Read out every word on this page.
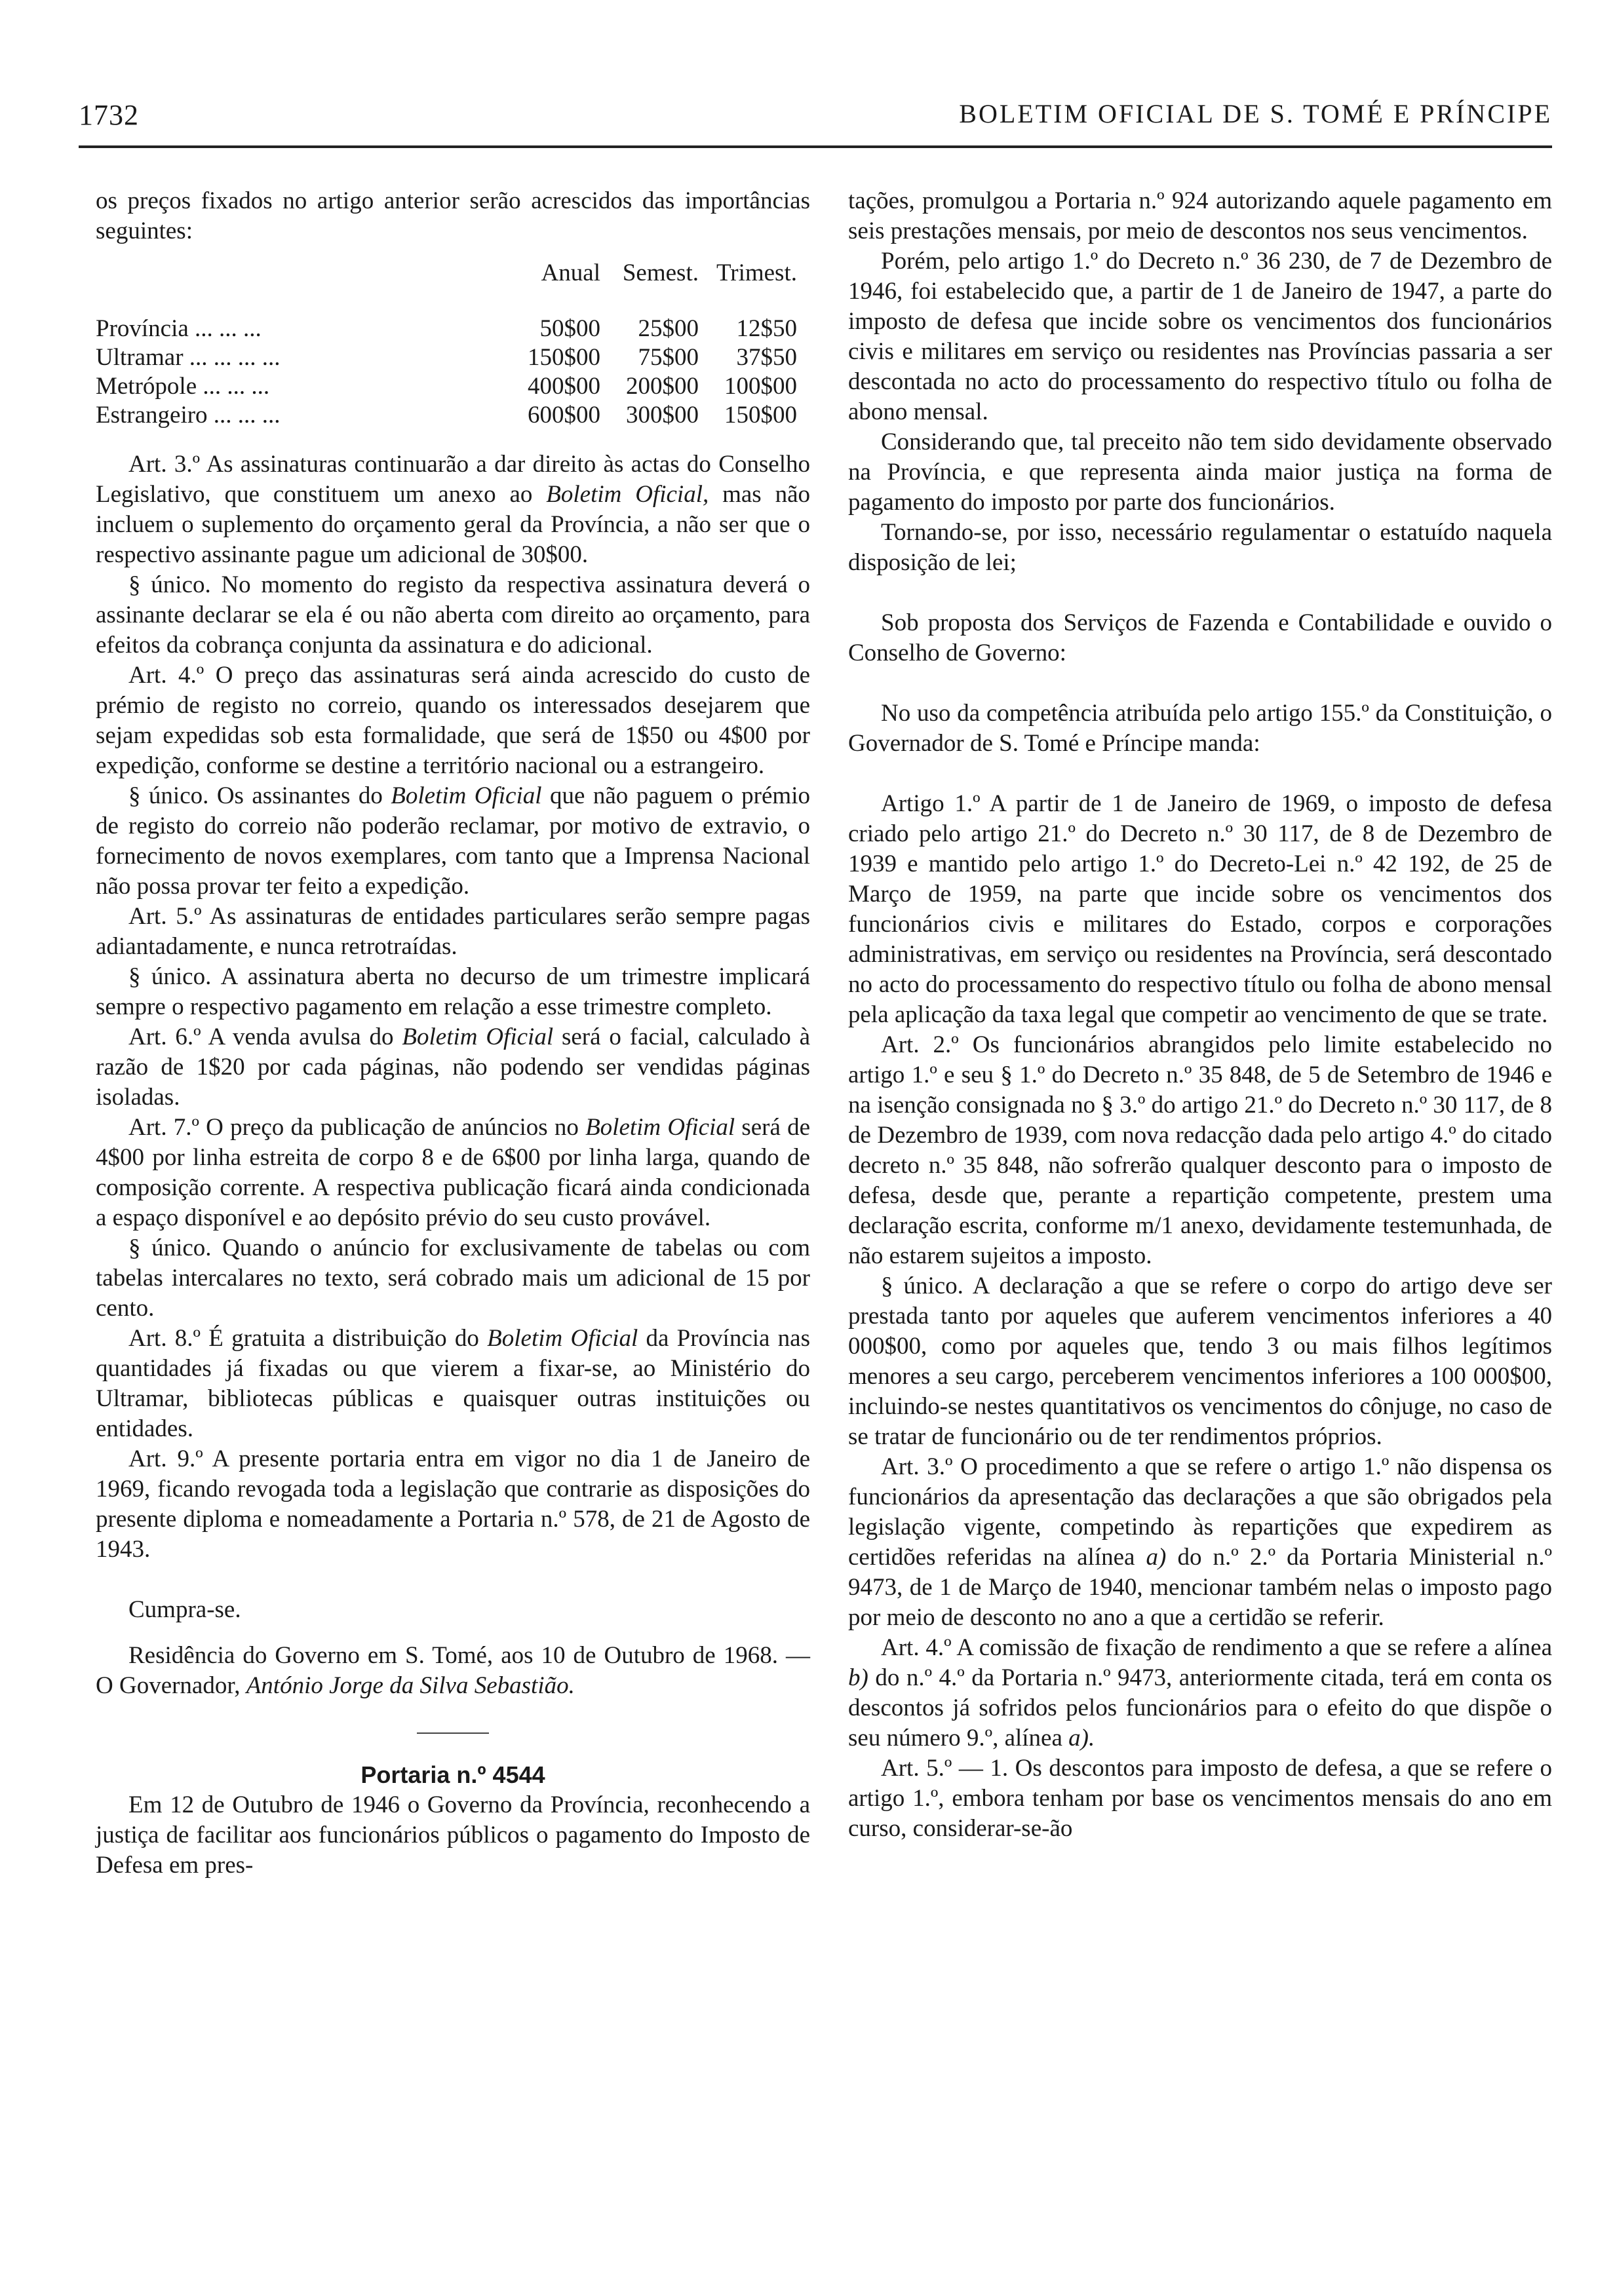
1732	BOLETIM OFICIAL DE S. TOMÉ E PRÍNCIPE

os preços fixados no artigo anterior serão acrescidos das importâncias seguintes:

	Anual	Semest.	Trimest.
Província ... ... ...	50$00	25$00	12$50
Ultramar ... ... ... ...	150$00	75$00	37$50
Metrópole ... ... ...	400$00	200$00	100$00
Estrangeiro ... ... ...	600$00	300$00	150$00

Art. 3.º As assinaturas continuarão a dar direito às actas do Conselho Legislativo, que constituem um anexo ao Boletim Oficial, mas não incluem o suplemento do orçamento geral da Província, a não ser que o respectivo assinante pague um adicional de 30$00.

§ único. No momento do registo da respectiva assinatura deverá o assinante declarar se ela é ou não aberta com direito ao orçamento, para efeitos da cobrança conjunta da assinatura e do adicional.

Art. 4.º O preço das assinaturas será ainda acrescido do custo de prémio de registo no correio, quando os interessados desejarem que sejam expedidas sob esta formalidade, que será de 1$50 ou 4$00 por expedição, conforme se destine a território nacional ou a estrangeiro.

§ único. Os assinantes do Boletim Oficial que não paguem o prémio de registo do correio não poderão reclamar, por motivo de extravio, o fornecimento de novos exemplares, com tanto que a Imprensa Nacional não possa provar ter feito a expedição.

Art. 5.º As assinaturas de entidades particulares serão sempre pagas adiantadamente, e nunca retrotraídas.

§ único. A assinatura aberta no decurso de um trimestre implicará sempre o respectivo pagamento em relação a esse trimestre completo.

Art. 6.º A venda avulsa do Boletim Oficial será o facial, calculado à razão de 1$20 por cada páginas, não podendo ser vendidas páginas isoladas.

Art. 7.º O preço da publicação de anúncios no Boletim Oficial será de 4$00 por linha estreita de corpo 8 e de 6$00 por linha larga, quando de composição corrente. A respectiva publicação ficará ainda condicionada a espaço disponível e ao depósito prévio do seu custo provável.

§ único. Quando o anúncio for exclusivamente de tabelas ou com tabelas intercalares no texto, será cobrado mais um adicional de 15 por cento.

Art. 8.º É gratuita a distribuição do Boletim Oficial da Província nas quantidades já fixadas ou que vierem a fixar-se, ao Ministério do Ultramar, bibliotecas públicas e quaisquer outras instituições ou entidades.

Art. 9.º A presente portaria entra em vigor no dia 1 de Janeiro de 1969, ficando revogada toda a legislação que contrarie as disposições do presente diploma e nomeadamente a Portaria n.º 578, de 21 de Agosto de 1943.

Cumpra-se.

Residência do Governo em S. Tomé, aos 10 de Outubro de 1968. — O Governador, António Jorge da Silva Sebastião.

Portaria n.º 4544

Em 12 de Outubro de 1946 o Governo da Província, reconhecendo a justiça de facilitar aos funcionários públicos o pagamento do Imposto de Defesa em pres-

tações, promulgou a Portaria n.º 924 autorizando aquele pagamento em seis prestações mensais, por meio de descontos nos seus vencimentos.

Porém, pelo artigo 1.º do Decreto n.º 36 230, de 7 de Dezembro de 1946, foi estabelecido que, a partir de 1 de Janeiro de 1947, a parte do imposto de defesa que incide sobre os vencimentos dos funcionários civis e militares em serviço ou residentes nas Províncias passaria a ser descontada no acto do processamento do respectivo título ou folha de abono mensal.

Considerando que, tal preceito não tem sido devidamente observado na Província, e que representa ainda maior justiça na forma de pagamento do imposto por parte dos funcionários.

Tornando-se, por isso, necessário regulamentar o estatuído naquela disposição de lei;

Sob proposta dos Serviços de Fazenda e Contabilidade e ouvido o Conselho de Governo:

No uso da competência atribuída pelo artigo 155.º da Constituição, o Governador de S. Tomé e Príncipe manda:

Artigo 1.º A partir de 1 de Janeiro de 1969, o imposto de defesa criado pelo artigo 21.º do Decreto n.º 30 117, de 8 de Dezembro de 1939 e mantido pelo artigo 1.º do Decreto-Lei n.º 42 192, de 25 de Março de 1959, na parte que incide sobre os vencimentos dos funcionários civis e militares do Estado, corpos e corporações administrativas, em serviço ou residentes na Província, será descontado no acto do processamento do respectivo título ou folha de abono mensal pela aplicação da taxa legal que competir ao vencimento de que se trate.

Art. 2.º Os funcionários abrangidos pelo limite estabelecido no artigo 1.º e seu § 1.º do Decreto n.º 35 848, de 5 de Setembro de 1946 e na isenção consignada no § 3.º do artigo 21.º do Decreto n.º 30 117, de 8 de Dezembro de 1939, com nova redacção dada pelo artigo 4.º do citado decreto n.º 35 848, não sofrerão qualquer desconto para o imposto de defesa, desde que, perante a repartição competente, prestem uma declaração escrita, conforme m/1 anexo, devidamente testemunhada, de não estarem sujeitos a imposto.

§ único. A declaração a que se refere o corpo do artigo deve ser prestada tanto por aqueles que auferem vencimentos inferiores a 40 000$00, como por aqueles que, tendo 3 ou mais filhos legítimos menores a seu cargo, perceberem vencimentos inferiores a 100 000$00, incluindo-se nestes quantitativos os vencimentos do cônjuge, no caso de se tratar de funcionário ou de ter rendimentos próprios.

Art. 3.º O procedimento a que se refere o artigo 1.º não dispensa os funcionários da apresentação das declarações a que são obrigados pela legislação vigente, competindo às repartições que expedirem as certidões referidas na alínea a) do n.º 2.º da Portaria Ministerial n.º 9473, de 1 de Março de 1940, mencionar também nelas o imposto pago por meio de desconto no ano a que a certidão se referir.

Art. 4.º A comissão de fixação de rendimento a que se refere a alínea b) do n.º 4.º da Portaria n.º 9473, anteriormente citada, terá em conta os descontos já sofridos pelos funcionários para o efeito do que dispõe o seu número 9.º, alínea a).

Art. 5.º — 1. Os descontos para imposto de defesa, a que se refere o artigo 1.º, embora tenham por base os vencimentos mensais do ano em curso, considerar-se-ão
